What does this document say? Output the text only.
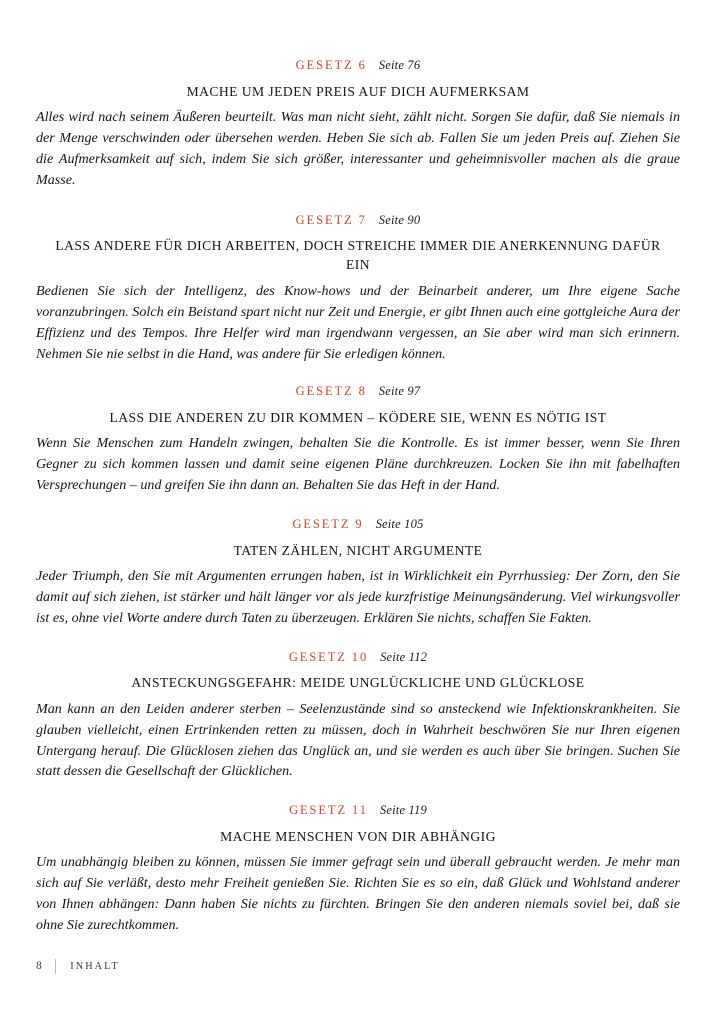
GESETZ 6 Seite 76
MACHE UM JEDEN PREIS AUF DICH AUFMERKSAM

Alles wird nach seinem Äußeren beurteilt. Was man nicht sieht, zählt nicht. Sorgen Sie dafür, daß Sie niemals in der Menge verschwinden oder übersehen werden. Heben Sie sich ab. Fallen Sie um jeden Preis auf. Ziehen Sie die Aufmerksamkeit auf sich, indem Sie sich größer, interessanter und geheimnisvoller machen als die graue Masse.

GESETZ 7 Seite 90
LASS ANDERE FÜR DICH ARBEITEN, DOCH STREICHE IMMER DIE ANERKENNUNG DAFÜR EIN

Bedienen Sie sich der Intelligenz, des Know-hows und der Beinarbeit anderer, um Ihre eigene Sache voranzubringen. Solch ein Beistand spart nicht nur Zeit und Energie, er gibt Ihnen auch eine gottgleiche Aura der Effizienz und des Tempos. Ihre Helfer wird man irgendwann vergessen, an Sie aber wird man sich erinnern. Nehmen Sie nie selbst in die Hand, was andere für Sie erledigen können.

GESETZ 8 Seite 97
LASS DIE ANDEREN ZU DIR KOMMEN – KÖDERE SIE, WENN ES NÖTIG IST

Wenn Sie Menschen zum Handeln zwingen, behalten Sie die Kontrolle. Es ist immer besser, wenn Sie Ihren Gegner zu sich kommen lassen und damit seine eigenen Pläne durchkreuzen. Locken Sie ihn mit fabelhaften Versprechungen – und greifen Sie ihn dann an. Behalten Sie das Heft in der Hand.

GESETZ 9 Seite 105
TATEN ZÄHLEN, NICHT ARGUMENTE

Jeder Triumph, den Sie mit Argumenten errungen haben, ist in Wirklichkeit ein Pyrrhussieg: Der Zorn, den Sie damit auf sich ziehen, ist stärker und hält länger vor als jede kurzfristige Meinungsänderung. Viel wirkungsvoller ist es, ohne viel Worte andere durch Taten zu überzeugen. Erklären Sie nichts, schaffen Sie Fakten.

GESETZ 10 Seite 112
ANSTECKUNGSGEFAHR: MEIDE UNGLÜCKLICHE UND GLÜCKLOSE

Man kann an den Leiden anderer sterben – Seelenzustände sind so ansteckend wie Infektionskrankheiten. Sie glauben vielleicht, einen Ertrinkenden retten zu müssen, doch in Wahrheit beschwören Sie nur Ihren eigenen Untergang herauf. Die Glücklosen ziehen das Unglück an, und sie werden es auch über Sie bringen. Suchen Sie statt dessen die Gesellschaft der Glücklichen.

GESETZ 11 Seite 119
MACHE MENSCHEN VON DIR ABHÄNGIG

Um unabhängig bleiben zu können, müssen Sie immer gefragt sein und überall gebraucht werden. Je mehr man sich auf Sie verläßt, desto mehr Freiheit genießen Sie. Richten Sie es so ein, daß Glück und Wohlstand anderer von Ihnen abhängen: Dann haben Sie nichts zu fürchten. Bringen Sie den anderen niemals soviel bei, daß sie ohne Sie zurechtkommen.

8	INHALT
